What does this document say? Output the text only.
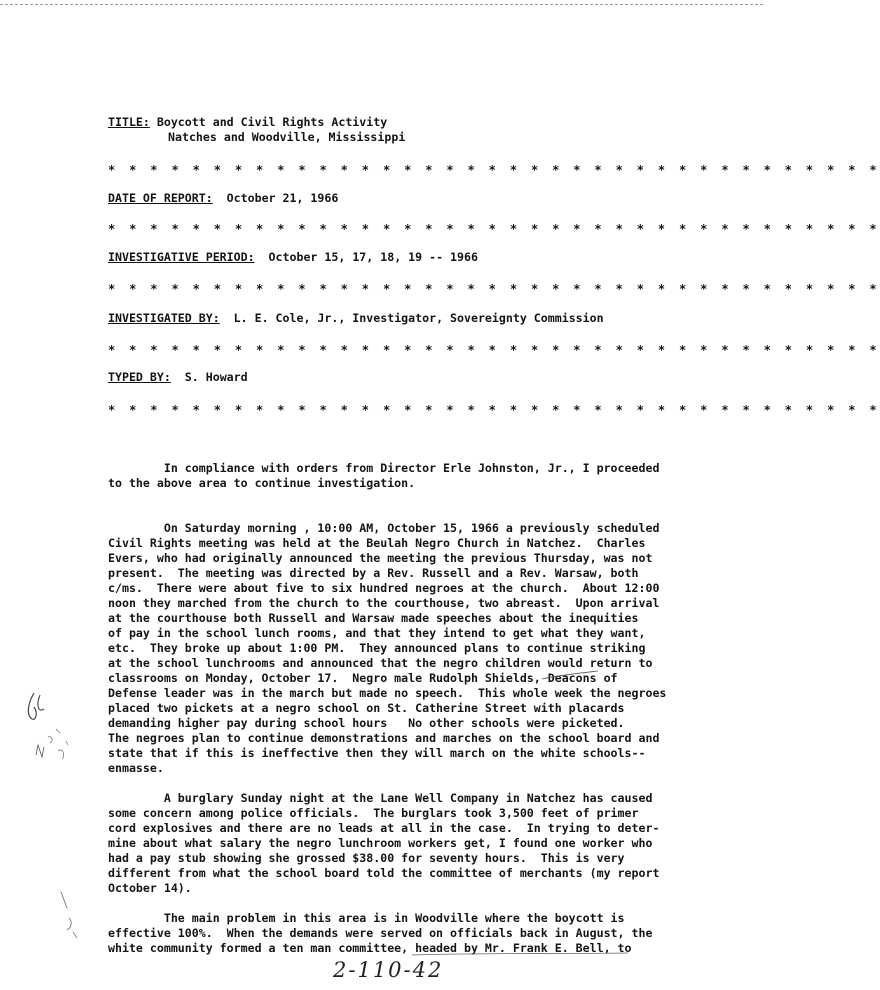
TITLE: Boycott and Civil Rights Activity
Natches and Woodville, Mississippi
* * * * * * * * * * * * * * * * * * * * * * * * * * * * * * * * * * * * *
DATE OF REPORT:  October 21, 1966
* * * * * * * * * * * * * * * * * * * * * * * * * * * * * * * * * * * * *
INVESTIGATIVE PERIOD:  October 15, 17, 18, 19 -- 1966
* * * * * * * * * * * * * * * * * * * * * * * * * * * * * * * * * * * * *
INVESTIGATED BY:  L. E. Cole, Jr., Investigator, Sovereignty Commission
* * * * * * * * * * * * * * * * * * * * * * * * * * * * * * * * * * * * *
TYPED BY:  S. Howard
* * * * * * * * * * * * * * * * * * * * * * * * * * * * * * * * * * * * *
In compliance with orders from Director Erle Johnston, Jr., I proceeded
to the above area to continue investigation.
On Saturday morning , 10:00 AM, October 15, 1966 a previously scheduled
Civil Rights meeting was held at the Beulah Negro Church in Natchez.  Charles
Evers, who had originally announced the meeting the previous Thursday, was not
present.  The meeting was directed by a Rev. Russell and a Rev. Warsaw, both
c/ms.  There were about five to six hundred negroes at the church.  About 12:00
noon they marched from the church to the courthouse, two abreast.  Upon arrival
at the courthouse both Russell and Warsaw made speeches about the inequities
of pay in the school lunch rooms, and that they intend to get what they want,
etc.  They broke up about 1:00 PM.  They announced plans to continue striking
at the school lunchrooms and announced that the negro children would return to
classrooms on Monday, October 17.  Negro male Rudolph Shields, Deacons of
Defense leader was in the march but made no speech.  This whole week the negroes
placed two pickets at a negro school on St. Catherine Street with placards
demanding higher pay during school hours   No other schools were picketed.
The negroes plan to continue demonstrations and marches on the school board and
state that if this is ineffective then they will march on the white schools--
enmasse.
A burglary Sunday night at the Lane Well Company in Natchez has caused
some concern among police officials.  The burglars took 3,500 feet of primer
cord explosives and there are no leads at all in the case.  In trying to deter-
mine about what salary the negro lunchroom workers get, I found one worker who
had a pay stub showing she grossed $38.00 for seventy hours.  This is very
different from what the school board told the committee of merchants (my report
October 14).
The main problem in this area is in Woodville where the boycott is
effective 100%.  When the demands were served on officials back in August, the
white community formed a ten man committee, headed by Mr. Frank E. Bell, to
2-110-42
